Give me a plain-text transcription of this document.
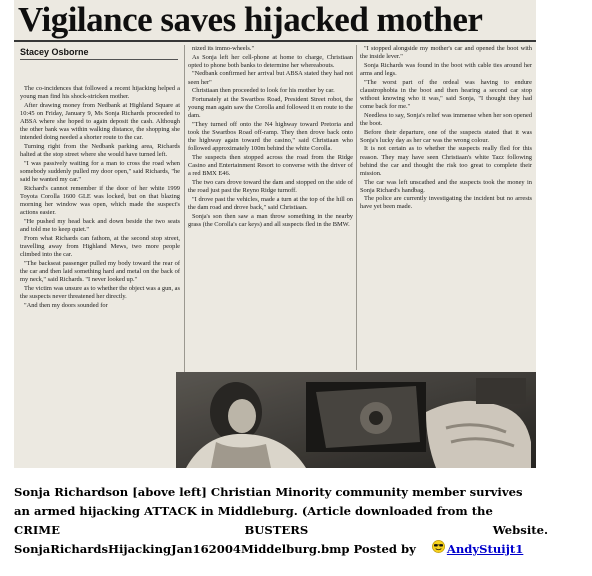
Vigilance saves hijacked mother
Stacey Osborne

The co-incidences that followed a recent hijacking helped a young man find his shock-stricken mother.

After drawing money from Nedbank at Highland Square at 10:45 on Friday, January 9, Ms Sonja Richards proceeded to ABSA where she hoped to again deposit the cash. Although the other bank was within walking distance, the shopping she intended doing needed a shorter route to the car.

Turning right from the Nedbank parking area, Richards halted at the stop street where she would have turned left.

"I was passively waiting for a man to cross the road when somebody suddenly pulled my door open," said Richards, "he said he wanted my car."

Richard's cannot remember if the door of her white 1999 Toyota Corolla 1600 GLE was locked, but on that blazing morning her window was open, which made the suspect's actions easier.

"He pushed my head back and down beside the two seats and told me to keep quiet."

From what Richards can fathom, at the second stop street, travelling away from Highland Mews, two more people climbed into the car.

"The backseat passenger pulled my body toward the rear of the car and then laid something hard and metal on the back of my neck," said Richards. "I never looked up."

The victim was unsure as to whether the object was a gun, as the suspects never threatened her directly.

"And then my doors sounded for

nized its immo-wheels."

As Sonja left her cell-phone at home to charge, Christiaan opted to phone both banks to determine her whereabouts.

"Nedbank confirmed her arrival but ABSA stated they had not seen her"

Christiaan then proceeded to look for his mother by car.

Fortunately at the Swartbos Road, President Street robot, the young man again saw the Corolla and followed it en route to the dam.

"They turned off onto the N4 highway toward Pretoria and took the Swartbos Road off-ramp. They then drove back onto the highway again toward the casino," said Christiaan who followed approximately 100m behind the white Corolla.

The suspects then stopped across the road from the Ridge Casino and Entertainment Resort to converse with the driver of a red BMX E46.

The two cars drove toward the dam and stopped on the side of the road just past the Reyno Ridge turnoff.

"I drove past the vehicles, made a turn at the top of the hill on the dam road and drove back," said Christiaan.

Sonja's son then saw a man throw something in the nearby grass (the Corolla's car keys) and all suspects fled in the BMW.

"I stopped alongside my mother's car and opened the boot with the inside lever."

Sonja Richards was found in the boot with cable ties around her arms and legs.

"The worst part of the ordeal was having to endure claustrophobia in the boot and then hearing a second car stop without knowing who it was," said Sonja, "I thought they had come back for me."

Needless to say, Sonja's relief was immense when her son opened the boot.

Before their departure, one of the suspects stated that it was Sonja's lucky day as her car was the wrong colour.

It is not certain as to whether the suspects really fled for this reason. They may have seen Christiaan's white Tazz following behind the car and thought the risk too great to complete their mission.

The car was left unscathed and the suspects took the money in Sonja Richard's handbag.

The police are currently investigating the incident but no arrests have yet been made.

Sonja Richardson [above left] Christian Minority community member survives
an armed hijacking ATTACK in Middleburg. (Article downloaded from the
CRIME	BUSTERS	Website.
SonjaRichardsHijackingJan162004Middelburg.bmp Posted by	AndyStuijt1
